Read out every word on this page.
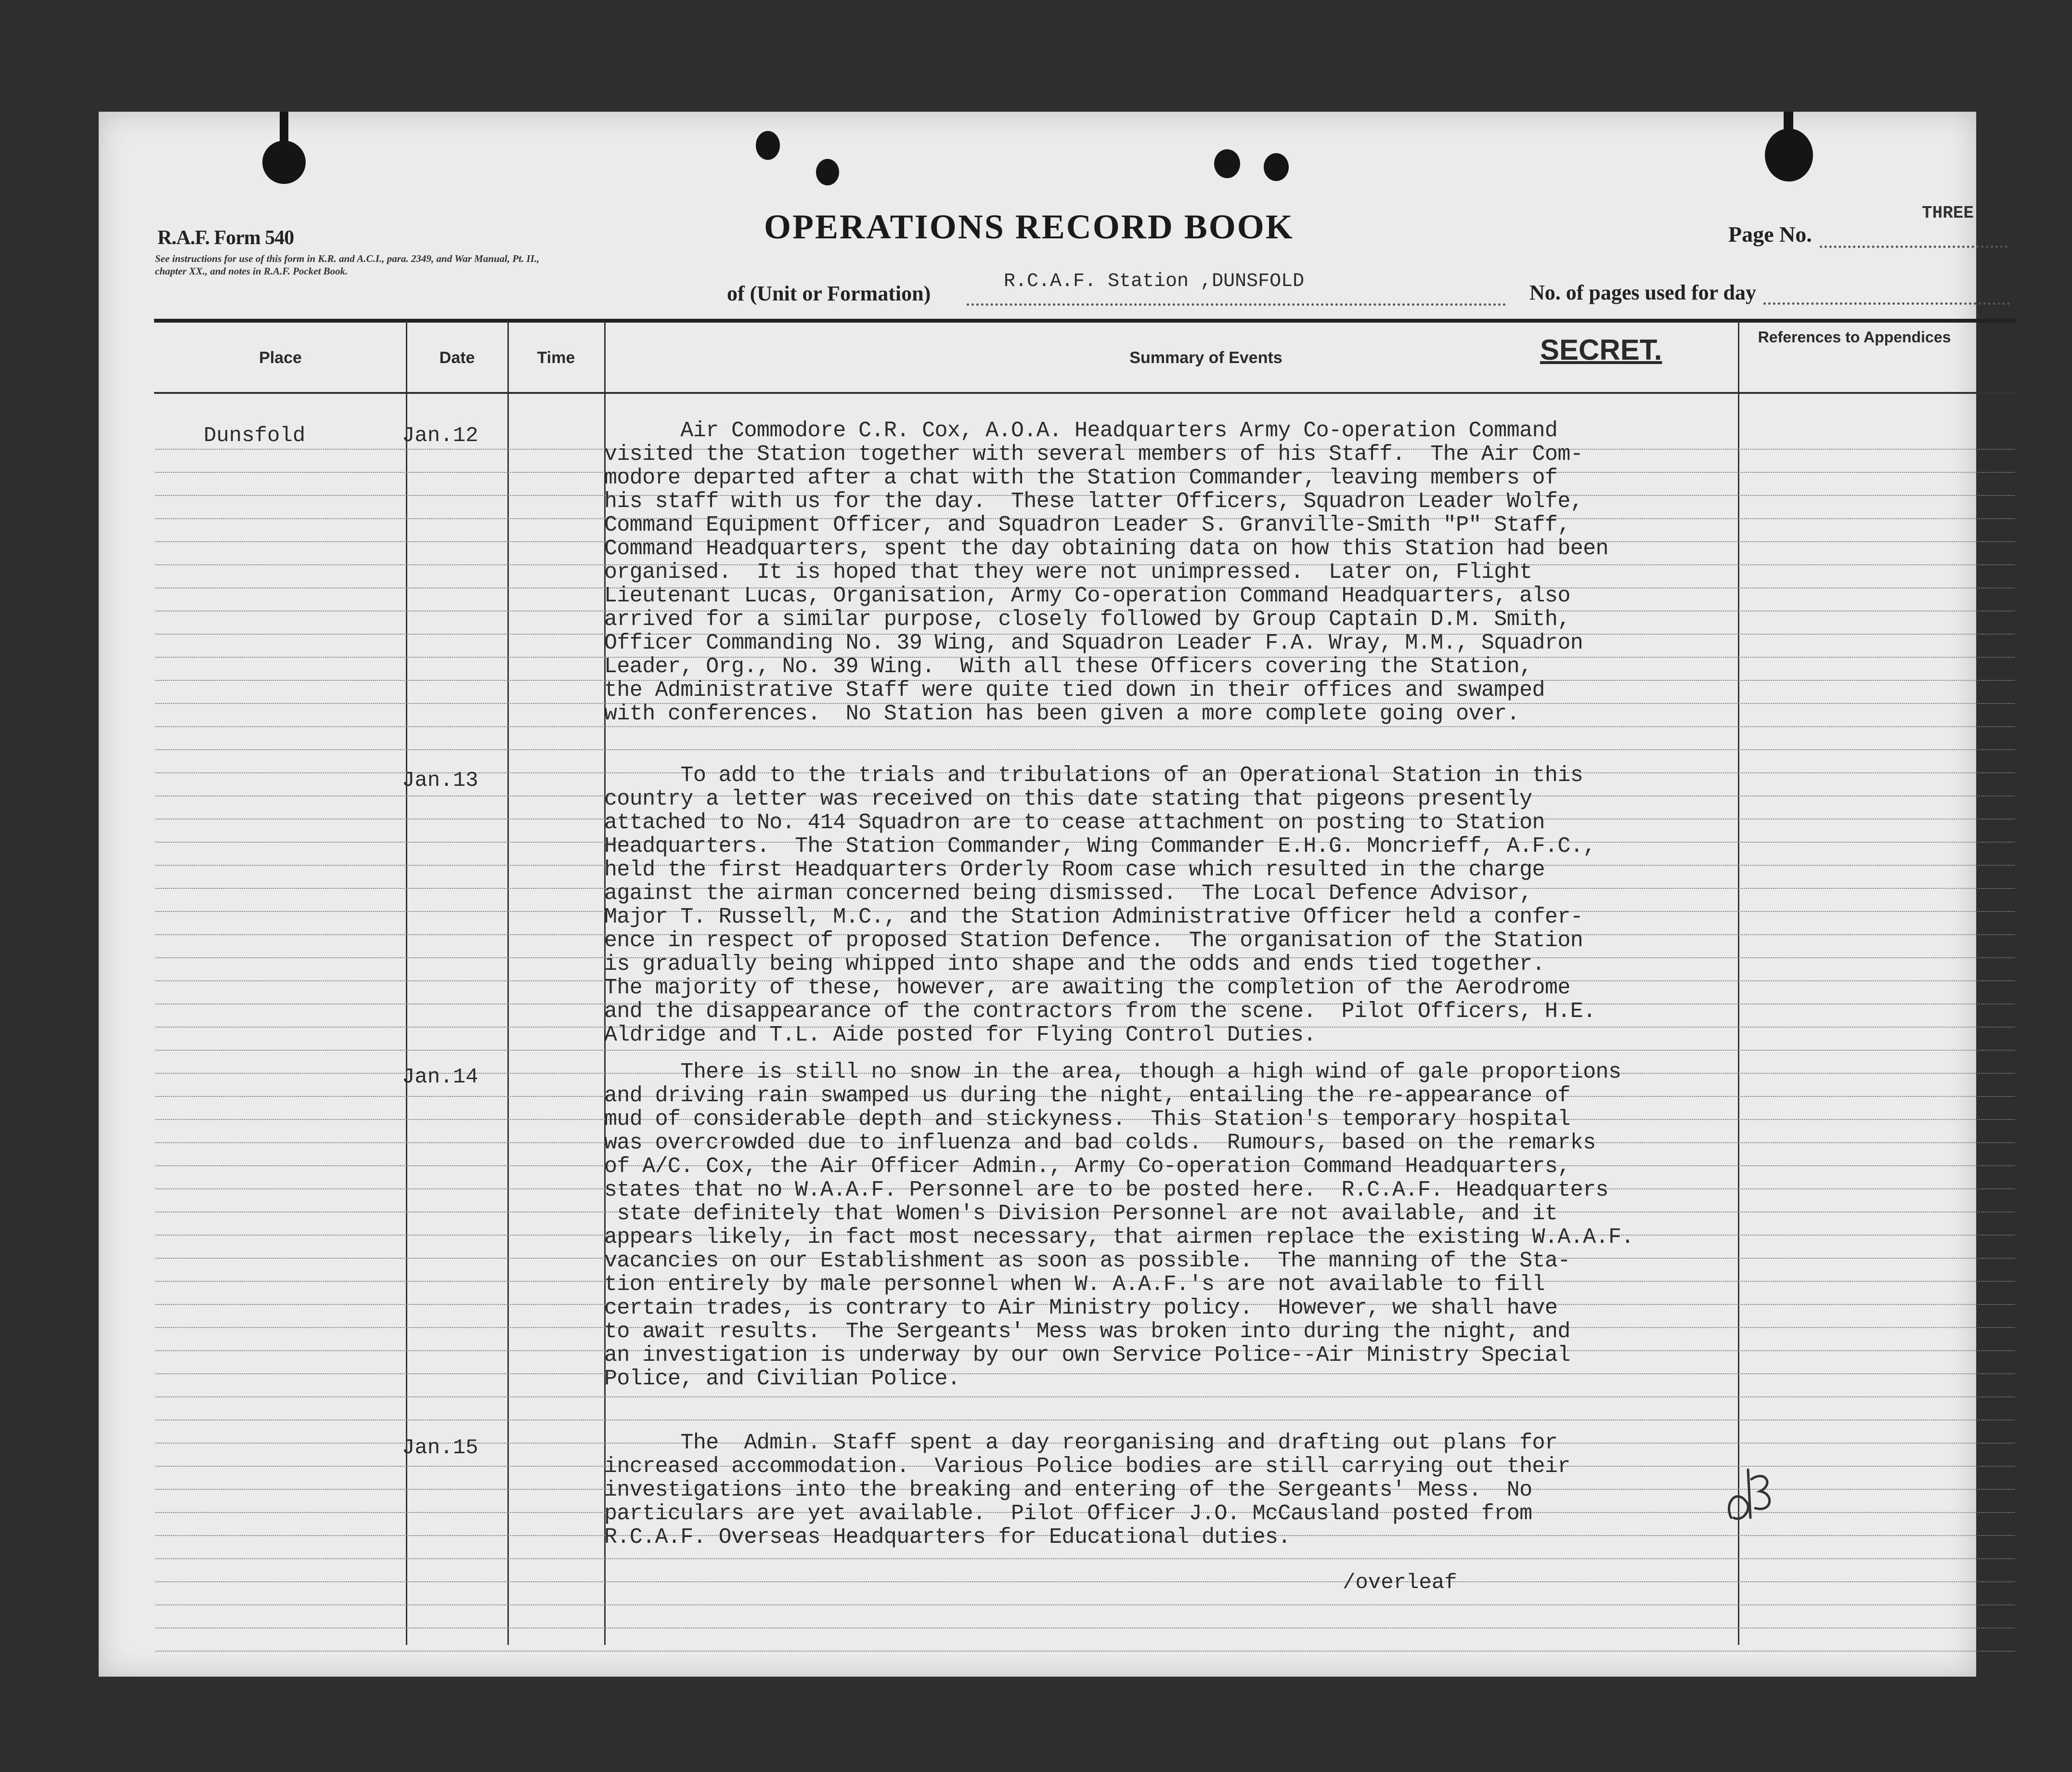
R.A.F. Form 540
See instructions for use of this form in K.R. and A.C.I., para. 2349, and War Manual, Pt. II., chapter XX., and notes in R.A.F. Pocket Book.
OPERATIONS RECORD BOOK
of (Unit or Formation)
R.C.A.F. Station ,DUNSFOLD
Page No.
THREE
No. of pages used for day
Place	Date	Time	Summary of Events	SECRET.	References to Appendices
Dunsfold	Jan.12	Air Commodore C.R. Cox, A.O.A. Headquarters Army Co-operation Command
visited the Station together with several members of his Staff.  The Air Com-
modore departed after a chat with the Station Commander, leaving members of
his staff with us for the day.  These latter Officers, Squadron Leader Wolfe,
Command Equipment Officer, and Squadron Leader S. Granville-Smith "P" Staff,
Command Headquarters, spent the day obtaining data on how this Station had been
organised.  It is hoped that they were not unimpressed.  Later on, Flight
Lieutenant Lucas, Organisation, Army Co-operation Command Headquarters, also
arrived for a similar purpose, closely followed by Group Captain D.M. Smith,
Officer Commanding No. 39 Wing, and Squadron Leader F.A. Wray, M.M., Squadron
Leader, Org., No. 39 Wing.  With all these Officers covering the Station,
the Administrative Staff were quite tied down in their offices and swamped
with conferences.  No Station has been given a more complete going over.
Jan.13	To add to the trials and tribulations of an Operational Station in this
country a letter was received on this date stating that pigeons presently
attached to No. 414 Squadron are to cease attachment on posting to Station
Headquarters.  The Station Commander, Wing Commander E.H.G. Moncrieff, A.F.C.,
held the first Headquarters Orderly Room case which resulted in the charge
against the airman concerned being dismissed.  The Local Defence Advisor,
Major T. Russell, M.C., and the Station Administrative Officer held a confer-
ence in respect of proposed Station Defence.  The organisation of the Station
is gradually being whipped into shape and the odds and ends tied together.
The majority of these, however, are awaiting the completion of the Aerodrome
and the disappearance of the contractors from the scene.  Pilot Officers, H.E.
Aldridge and T.L. Aide posted for Flying Control Duties.
Jan.14	There is still no snow in the area, though a high wind of gale proportions
and driving rain swamped us during the night, entailing the re-appearance of
mud of considerable depth and stickyness.  This Station's temporary hospital
was overcrowded due to influenza and bad colds.  Rumours, based on the remarks
of A/C. Cox, the Air Officer Admin., Army Co-operation Command Headquarters,
states that no W.A.A.F. Personnel are to be posted here.  R.C.A.F. Headquarters
state definitely that Women's Division Personnel are not available, and it
appears likely, in fact most necessary, that airmen replace the existing W.A.A.F.
vacancies on our Establishment as soon as possible.  The manning of the Sta-
tion entirely by male personnel when W. A.A.F.'s are not available to fill
certain trades, is contrary to Air Ministry policy.  However, we shall have
to await results.  The Sergeants' Mess was broken into during the night, and
an investigation is underway by our own Service Police--Air Ministry Special
Police, and Civilian Police.
Jan.15	The  Admin. Staff spent a day reorganising and drafting out plans for
increased accommodation.  Various Police bodies are still carrying out their
investigations into the breaking and entering of the Sergeants' Mess.  No
particulars are yet available.  Pilot Officer J.O. McCausland posted from
R.C.A.F. Overseas Headquarters for Educational duties.
/overleaf
